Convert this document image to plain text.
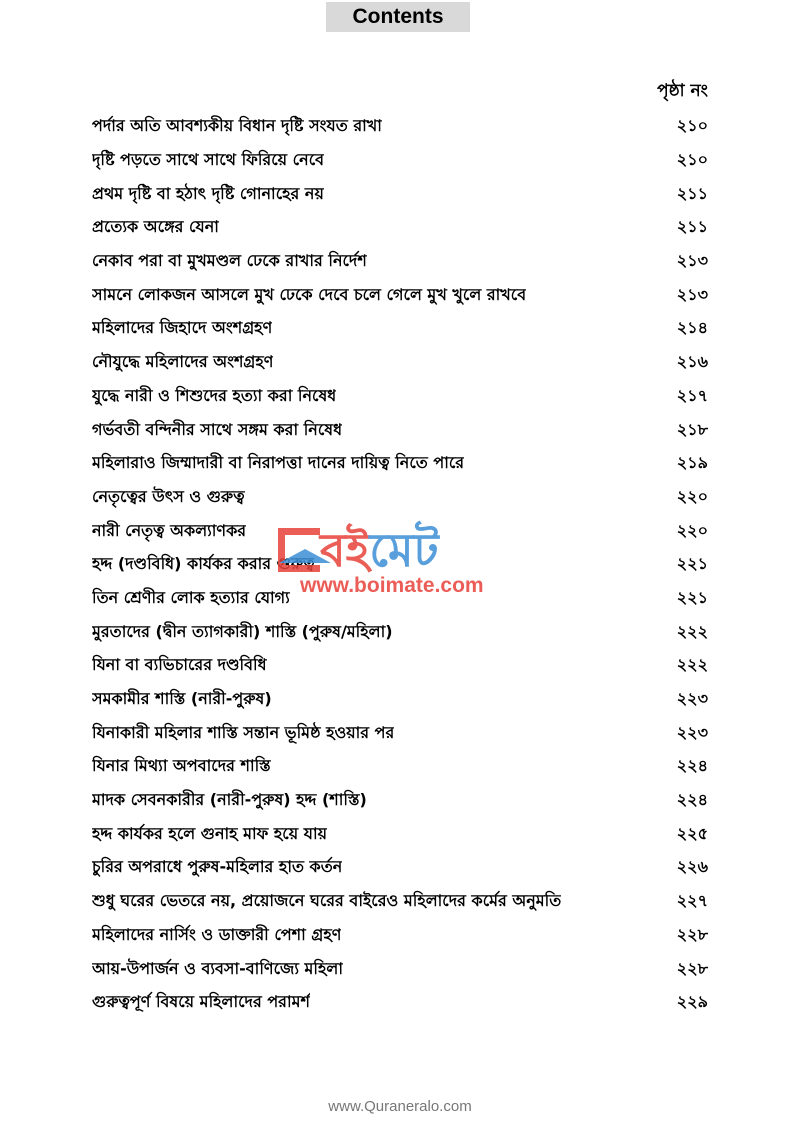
Contents
পৃষ্ঠা নং
পর্দার অতি আবশ্যকীয় বিধান দৃষ্টি সংযত রাখা	২১০
দৃষ্টি পড়তে সাথে সাথে ফিরিয়ে নেবে	২১০
প্রথম দৃষ্টি বা হঠাৎ দৃষ্টি গোনাহের নয়	২১১
প্রত্যেক অঙ্গের যেনা	২১১
নেকাব পরা বা মুখমণ্ডল ঢেকে রাখার নির্দেশ	২১৩
সামনে লোকজন আসলে মুখ ঢেকে দেবে চলে গেলে মুখ খুলে রাখবে	২১৩
মহিলাদের জিহাদে অংশগ্রহণ	২১৪
নৌযুদ্ধে মহিলাদের অংশগ্রহণ	২১৬
যুদ্ধে নারী ও শিশুদের হত্যা করা নিষেধ	২১৭
গর্ভবতী বন্দিনীর সাথে সঙ্গম করা নিষেধ	২১৮
মহিলারাও জিম্মাদারী বা নিরাপত্তা দানের দায়িত্ব নিতে পারে	২১৯
নেতৃত্বের উৎস ও গুরুত্ব	২২০
নারী নেতৃত্ব অকল্যাণকর	২২০
হদ্দ (দণ্ডবিধি) কার্যকর করার গুরুত্ব	২২১
তিন শ্রেণীর লোক হত্যার যোগ্য	২২১
মুরতাদের (দ্বীন ত্যাগকারী) শাস্তি (পুরুষ/মহিলা)	২২২
যিনা বা ব্যভিচারের দণ্ডবিধি	২২২
সমকামীর শাস্তি (নারী-পুরুষ)	২২৩
যিনাকারী মহিলার শাস্তি সন্তান ভূমিষ্ঠ হওয়ার পর	২২৩
যিনার মিথ্যা অপবাদের শাস্তি	২২৪
মাদক সেবনকারীর (নারী-পুরুষ) হদ্দ (শাস্তি)	২২৪
হদ্দ কার্যকর হলে গুনাহ মাফ হয়ে যায়	২২৫
চুরির অপরাধে পুরুষ-মহিলার হাত কর্তন	২২৬
শুধু ঘরের ভেতরে নয়, প্রয়োজনে ঘরের বাইরেও মহিলাদের কর্মের অনুমতি	২২৭
মহিলাদের নার্সিং ও ডাক্তারী পেশা গ্রহণ	২২৮
আয়-উপার্জন ও ব্যবসা-বাণিজ্যে মহিলা	২২৮
গুরুত্বপূর্ণ বিষয়ে মহিলাদের পরামর্শ	২২৯
বইমেট
www.boimate.com
www.Quraneralo.com
